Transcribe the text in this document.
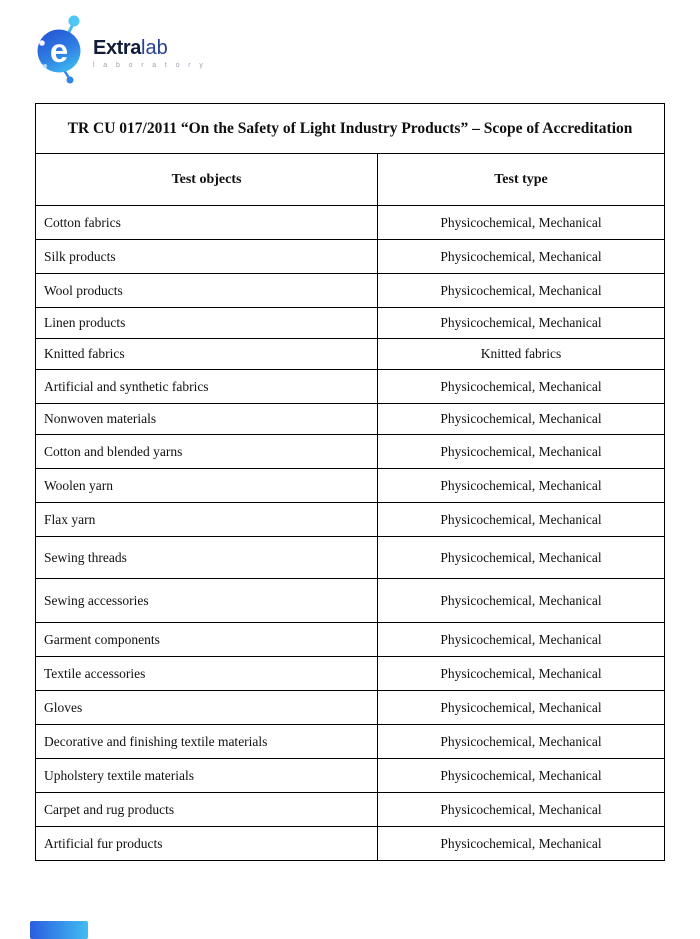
e Extralab
l a b o r a t o r y
TR CU 017/2011 “On the Safety of Light Industry Products” – Scope of Accreditation	
Test objects	Test type
Cotton fabrics	Physicochemical, Mechanical
Silk products	Physicochemical, Mechanical
Wool products	Physicochemical, Mechanical
Linen products	Physicochemical, Mechanical
Knitted fabrics	Knitted fabrics
Artificial and synthetic fabrics	Physicochemical, Mechanical
Nonwoven materials	Physicochemical, Mechanical
Cotton and blended yarns	Physicochemical, Mechanical
Woolen yarn	Physicochemical, Mechanical
Flax yarn	Physicochemical, Mechanical
Sewing threads	Physicochemical, Mechanical
Sewing accessories	Physicochemical, Mechanical
Garment components	Physicochemical, Mechanical
Textile accessories	Physicochemical, Mechanical
Gloves	Physicochemical, Mechanical
Decorative and finishing textile materials	Physicochemical, Mechanical
Upholstery textile materials	Physicochemical, Mechanical
Carpet and rug products	Physicochemical, Mechanical
Artificial fur products	Physicochemical, Mechanical
